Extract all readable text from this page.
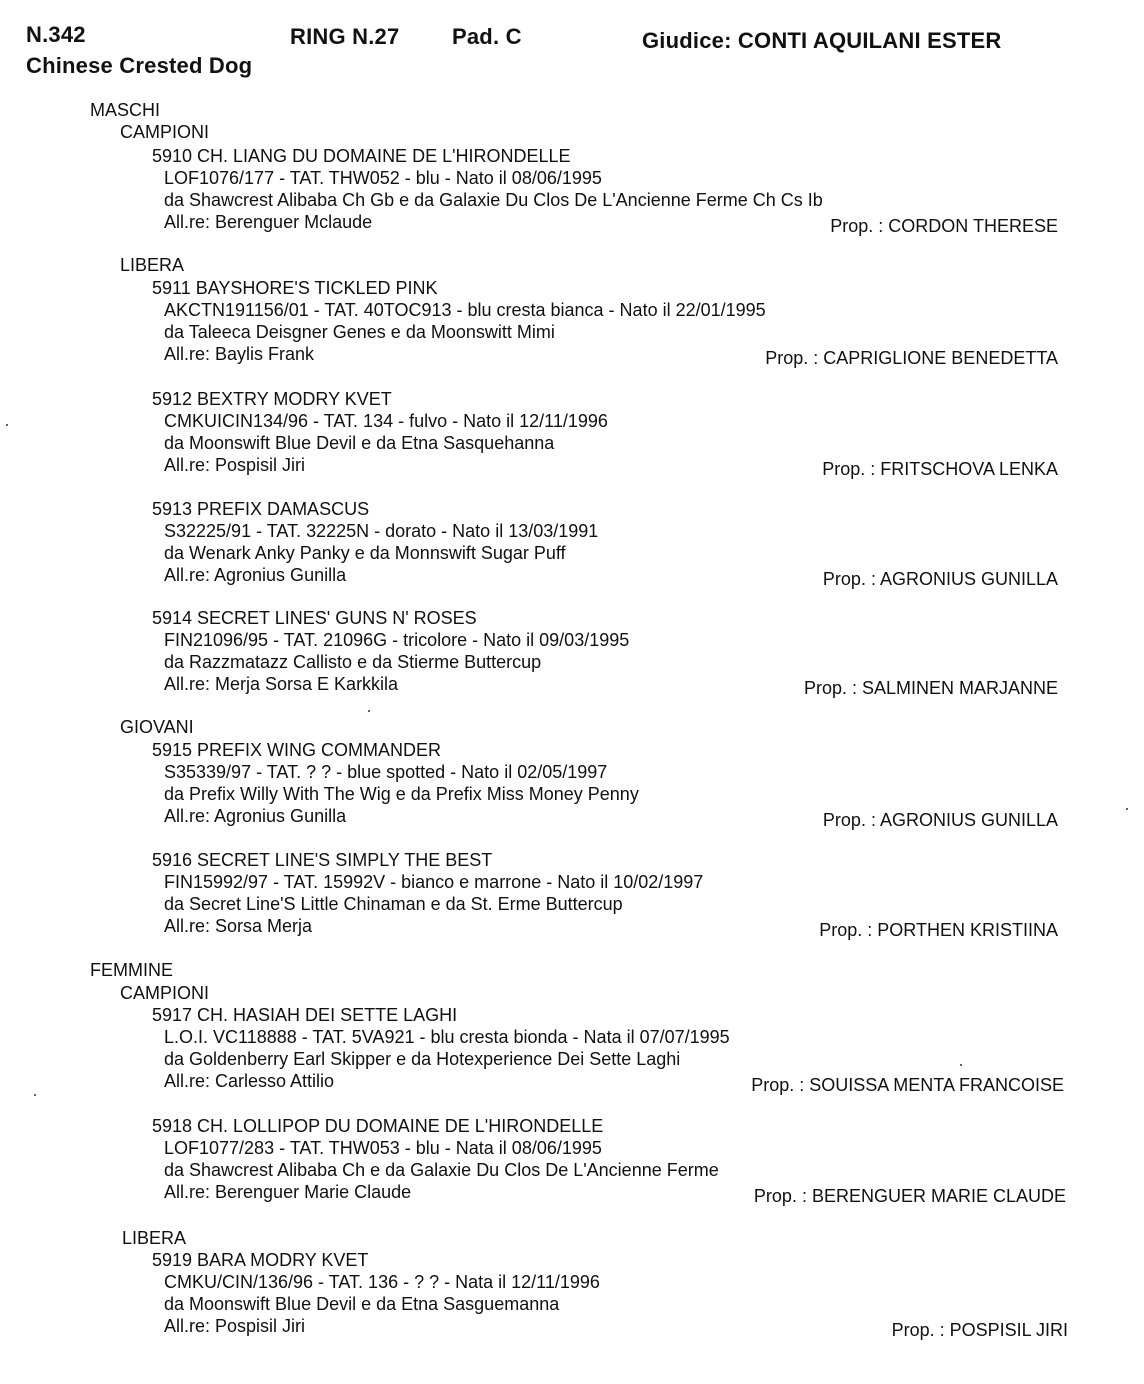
N.342	RING N.27 Pad. C	Giudice: CONTI AQUILANI ESTER
Chinese Crested Dog
MASCHI
CAMPIONI
5910 CH. LIANG DU DOMAINE DE L'HIRONDELLE
LOF1076/177 - TAT. THW052 - blu - Nato il 08/06/1995
da Shawcrest Alibaba Ch Gb e da Galaxie Du Clos De L'Ancienne Ferme Ch Cs Ib
All.re: Berenguer Mclaude	Prop. : CORDON THERESE
LIBERA
5911 BAYSHORE'S TICKLED PINK
AKCTN191156/01 - TAT. 40TOC913 - blu cresta bianca - Nato il 22/01/1995
da Taleeca Deisgner Genes e da Moonswitt Mimi
All.re: Baylis Frank	Prop. : CAPRIGLIONE BENEDETTA
5912 BEXTRY MODRY KVET
CMKUICIN134/96 - TAT. 134 - fulvo - Nato il 12/11/1996
da Moonswift Blue Devil e da Etna Sasquehanna
All.re: Pospisil Jiri	Prop. : FRITSCHOVA LENKA
5913 PREFIX DAMASCUS
S32225/91 - TAT. 32225N - dorato - Nato il 13/03/1991
da Wenark Anky Panky e da Monnswift Sugar Puff
All.re: Agronius Gunilla	Prop. : AGRONIUS GUNILLA
5914 SECRET LINES' GUNS N' ROSES
FIN21096/95 - TAT. 21096G - tricolore - Nato il 09/03/1995
da Razzmatazz Callisto e da Stierme Buttercup
All.re: Merja Sorsa E Karkkila	Prop. : SALMINEN MARJANNE
GIOVANI
5915 PREFIX WING COMMANDER
S35339/97 - TAT. ? ? - blue spotted - Nato il 02/05/1997
da Prefix Willy With The Wig e da Prefix Miss Money Penny
All.re: Agronius Gunilla	Prop. : AGRONIUS GUNILLA
5916 SECRET LINE'S SIMPLY THE BEST
FIN15992/97 - TAT. 15992V - bianco e marrone - Nato il 10/02/1997
da Secret Line'S Little Chinaman e da St. Erme Buttercup
All.re: Sorsa Merja	Prop. : PORTHEN KRISTIINA
FEMMINE
CAMPIONI
5917 CH. HASIAH DEI SETTE LAGHI
L.O.I. VC118888 - TAT. 5VA921 - blu cresta bionda - Nata il 07/07/1995
da Goldenberry Earl Skipper e da Hotexperience Dei Sette Laghi
All.re: Carlesso Attilio	Prop. : SOUISSA MENTA FRANCOISE
5918 CH. LOLLIPOP DU DOMAINE DE L'HIRONDELLE
LOF1077/283 - TAT. THW053 - blu - Nata il 08/06/1995
da Shawcrest Alibaba Ch e da Galaxie Du Clos De L'Ancienne Ferme
All.re: Berenguer Marie Claude	Prop. : BERENGUER MARIE CLAUDE
LIBERA
5919 BARA MODRY KVET
CMKU/CIN/136/96 - TAT. 136 - ? ? - Nata il 12/11/1996
da Moonswift Blue Devil e da Etna Sasguemanna
All.re: Pospisil Jiri	Prop. : POSPISIL JIRI
